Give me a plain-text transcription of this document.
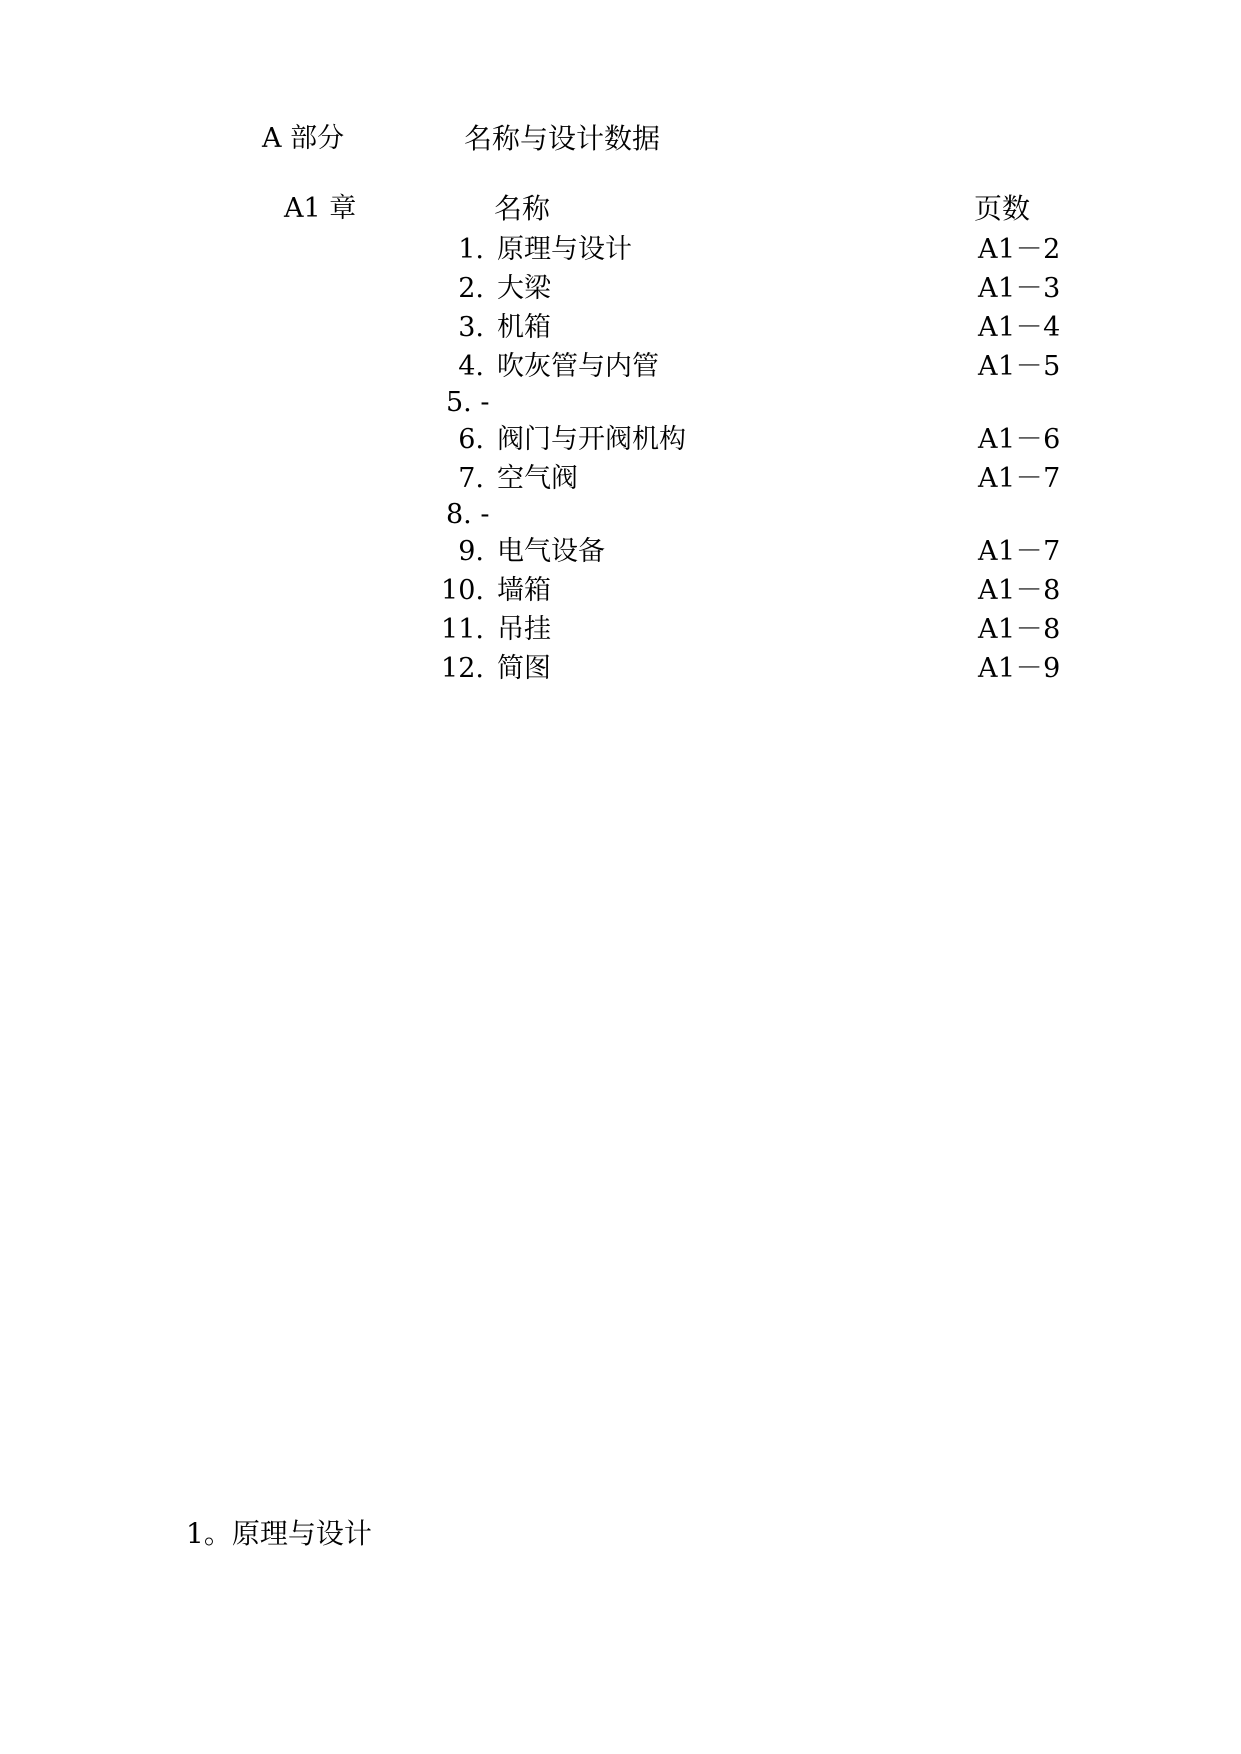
A 部分	名称与设计数据
A1 章	名称	页数
1. 原理与设计	A1－2
2. 大梁	A1－3
3. 机箱	A1－4
4. 吹灰管与内管	A1－5
5. -
6. 阀门与开阀机构	A1－6
7. 空气阀	A1－7
8. -
9. 电气设备	A1－7
10. 墙箱	A1－8
11. 吊挂	A1－8
12. 简图	A1－9
1。原理与设计
